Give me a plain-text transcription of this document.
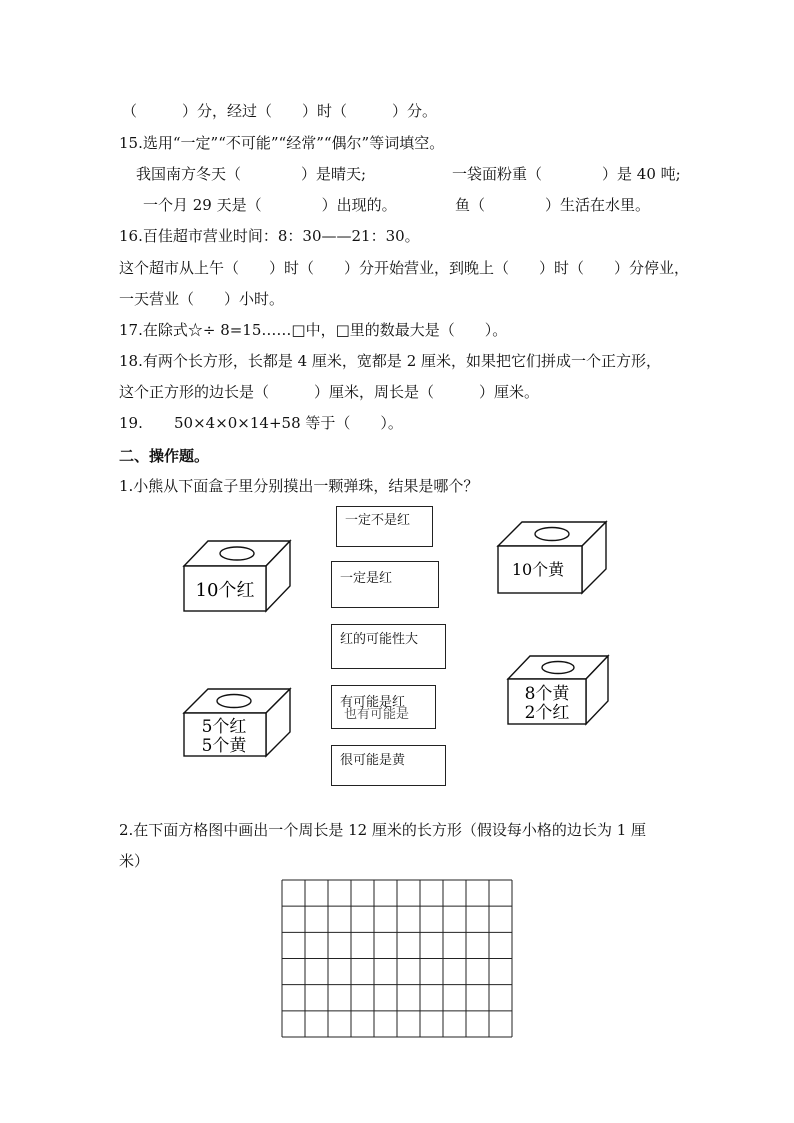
（　　　）分，经过（　　）时（　　　）分。
15.选用“一定”“不可能”“经常”“偶尔”等词填空。
我国南方冬天（　　　　）是晴天;	一袋面粉重（　　　　）是 40 吨;
一个月 29 天是（　　　　）出现的。	鱼（　　　　）生活在水里。
16.百佳超市营业时间：8：30——21：30。
这个超市从上午（　　）时（　　）分开始营业，到晚上（　　）时（　　）分停业，
一天营业（　　）小时。
17.在除式☆÷ 8=15……□中，□里的数最大是（　　）。
18.有两个长方形，长都是 4 厘米，宽都是 2 厘米，如果把它们拼成一个正方形，
这个正方形的边长是（　　　）厘米，周长是（　　　）厘米。
19. 50×4×0×14+58 等于（　　）。
二、操作题。
1.小熊从下面盒子里分别摸出一颗弹珠，结果是哪个？
2.在下面方格图中画出一个周长是 12 厘米的长方形（假设每小格的边长为 1 厘
米）
10个红
10个黄
5个红
5个黄
8个黄
2个红
一定不是红
一定是红
红的可能性大
有可能是红
也有可能是
很可能是黄
